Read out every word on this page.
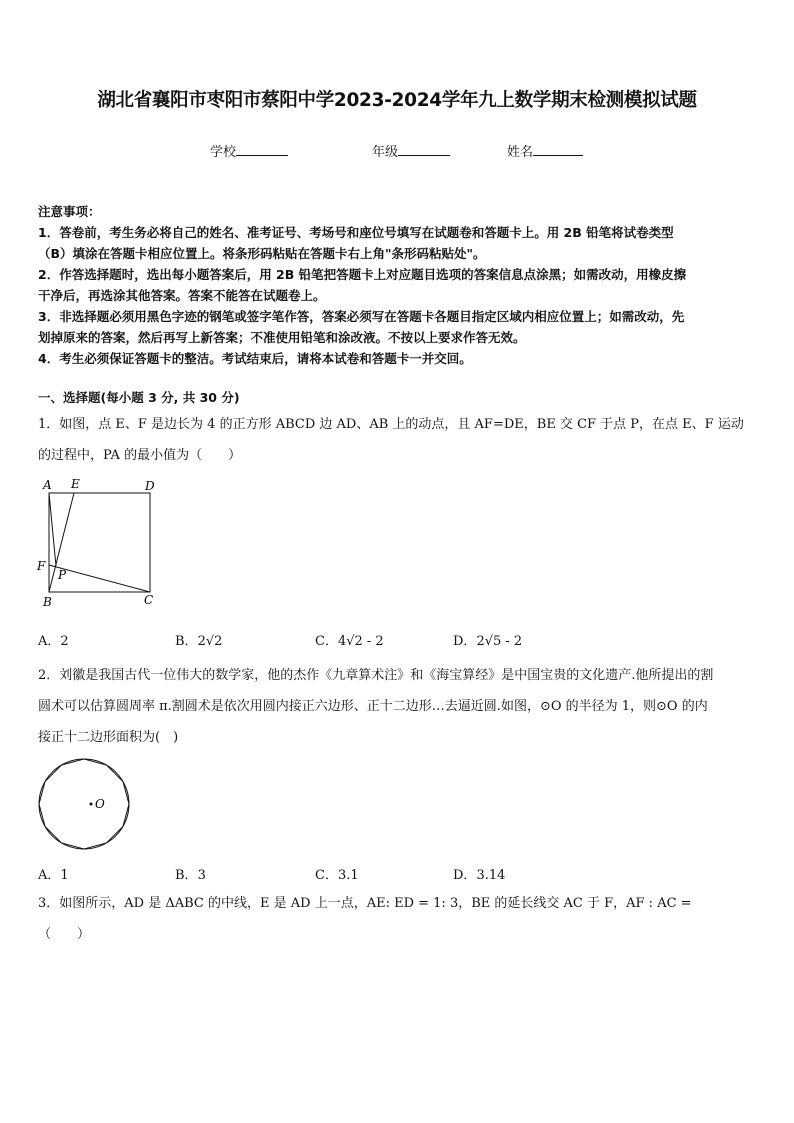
湖北省襄阳市枣阳市蔡阳中学2023-2024学年九上数学期末检测模拟试题
学校	年级	姓名

注意事项：

1．答卷前，考生务必将自己的姓名、准考证号、考场号和座位号填写在试题卷和答题卡上。用 2B 铅笔将试卷类型

（B）填涂在答题卡相应位置上。将条形码粘贴在答题卡右上角"条形码粘贴处"。

2．作答选择题时，选出每小题答案后，用 2B 铅笔把答题卡上对应题目选项的答案信息点涂黑；如需改动，用橡皮擦

干净后，再选涂其他答案。答案不能答在试题卷上。

3．非选择题必须用黑色字迹的钢笔或签字笔作答，答案必须写在答题卡各题目指定区域内相应位置上；如需改动，先

划掉原来的答案，然后再写上新答案；不准使用铅笔和涂改液。不按以上要求作答无效。

4．考生必须保证答题卡的整洁。考试结束后，请将本试卷和答题卡一并交回。

一、选择题(每小题 3 分, 共 30 分)

1．如图，点 E、F 是边长为 4 的正方形 ABCD 边 AD、AB 上的动点，且 AF=DE，BE 交 CF 于点 P，在点 E、F 运动

的过程中，PA 的最小值为（　　）

A E	D
F
P
B	C
A．2	B．2√2	C．4√2 - 2	D．2√5 - 2

2．刘徽是我国古代一位伟大的数学家，他的杰作《九章算术注》和《海宝算经》是中国宝贵的文化遗产.他所提出的割

圆术可以估算圆周率 π.割圆术是依次用圆内接正六边形、正十二边形…去逼近圆.如图，⊙O 的半径为 1，则⊙O 的内

接正十二边形面积为(　)

O
A．1	B．3	C．3.1	D．3.14

3．如图所示，AD 是 ΔABC 的中线，E 是 AD 上一点，AE: ED = 1: 3，BE 的延长线交 AC 于 F，AF : AC =

（　　）
